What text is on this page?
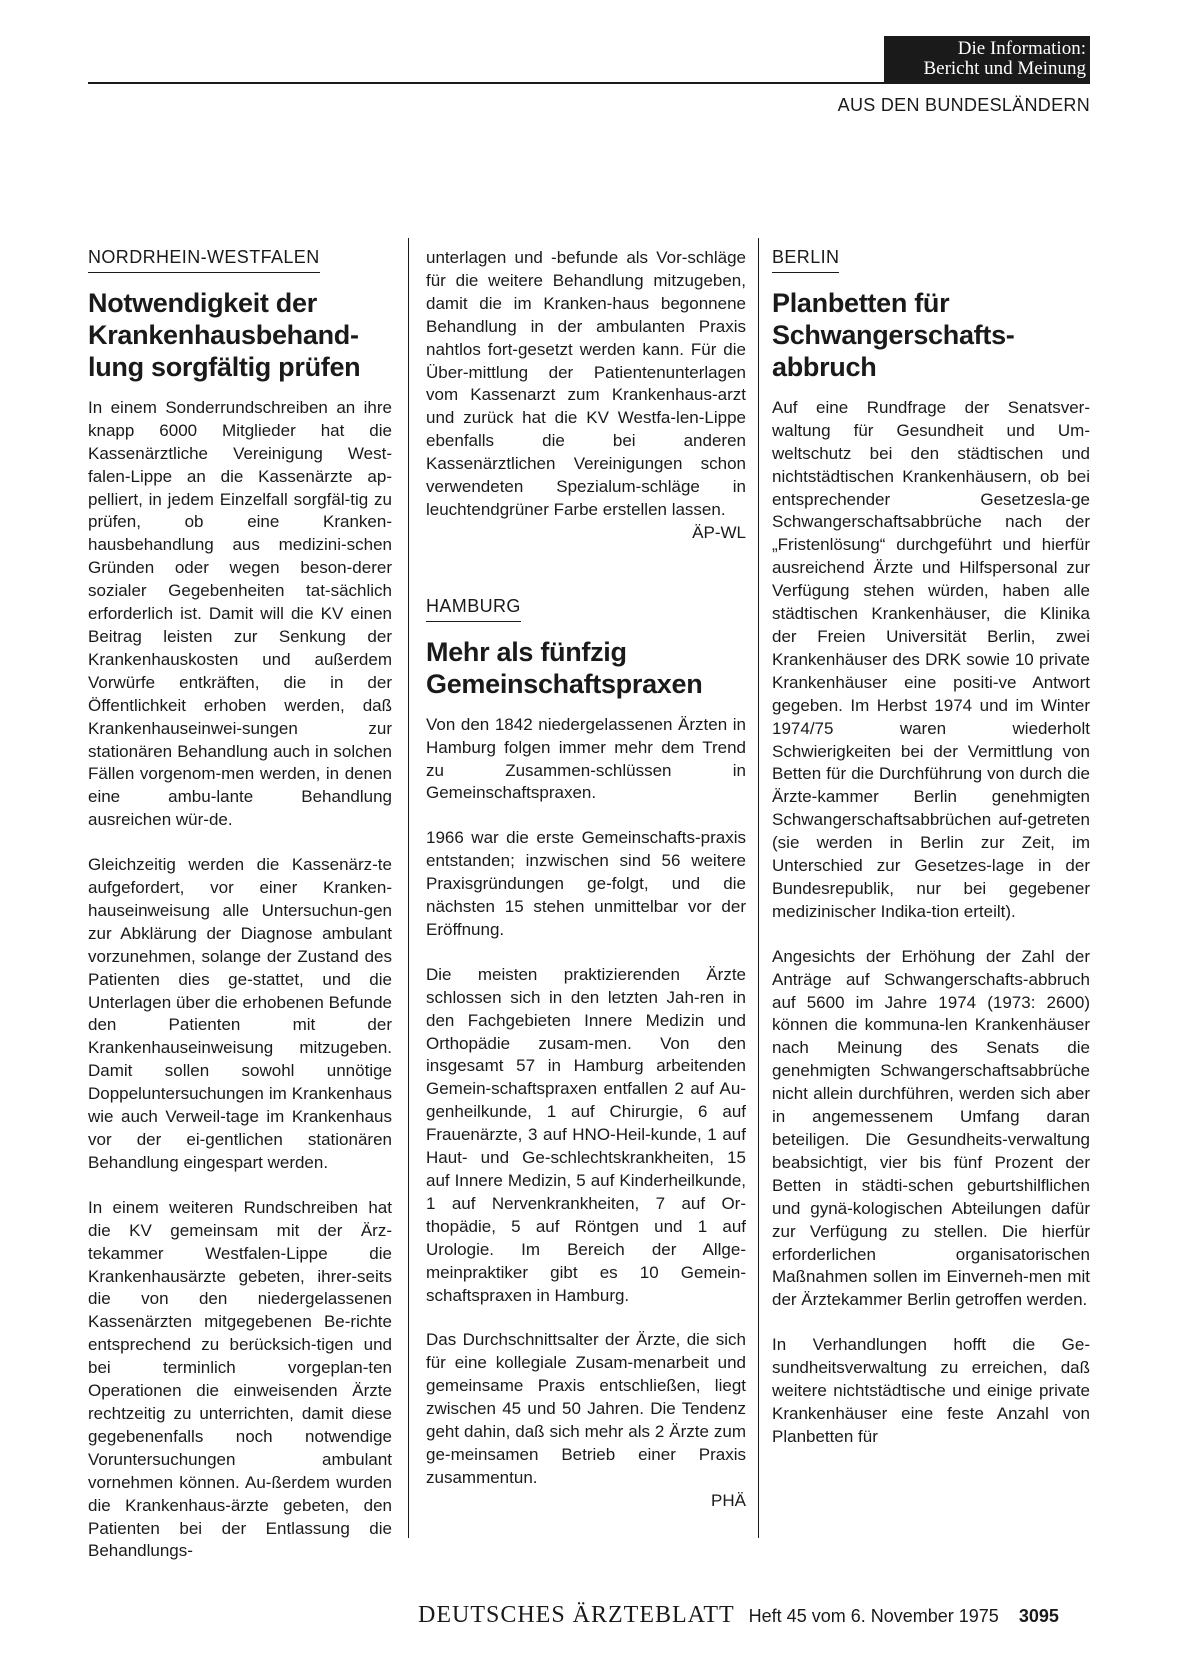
Die Information:
Bericht und Meinung
AUS DEN BUNDESLÄNDERN
NORDRHEIN-WESTFALEN
Notwendigkeit der Krankenhausbehand-lung sorgfältig prüfen

In einem Sonderrundschreiben an ihre knapp 6000 Mitglieder hat die Kassenärztliche Vereinigung West-falen-Lippe an die Kassenärzte ap-pelliert, in jedem Einzelfall sorgfäl-tig zu prüfen, ob eine Kranken-hausbehandlung aus medizini-schen Gründen oder wegen beson-derer sozialer Gegebenheiten tat-sächlich erforderlich ist. Damit will die KV einen Beitrag leisten zur Senkung der Krankenhauskosten und außerdem Vorwürfe entkräften, die in der Öffentlichkeit erhoben werden, daß Krankenhauseinwei-sungen zur stationären Behandlung auch in solchen Fällen vorgenom-men werden, in denen eine ambu-lante Behandlung ausreichen wür-de.

Gleichzeitig werden die Kassenärz-te aufgefordert, vor einer Kranken-hauseinweisung alle Untersuchun-gen zur Abklärung der Diagnose ambulant vorzunehmen, solange der Zustand des Patienten dies ge-stattet, und die Unterlagen über die erhobenen Befunde den Patienten mit der Krankenhauseinweisung mitzugeben. Damit sollen sowohl unnötige Doppeluntersuchungen im Krankenhaus wie auch Verweil-tage im Krankenhaus vor der ei-gentlichen stationären Behandlung eingespart werden.

In einem weiteren Rundschreiben hat die KV gemeinsam mit der Ärz-tekammer Westfalen-Lippe die Krankenhausärzte gebeten, ihrer-seits die von den niedergelassenen Kassenärzten mitgegebenen Be-richte entsprechend zu berücksich-tigen und bei terminlich vorgeplan-ten Operationen die einweisenden Ärzte rechtzeitig zu unterrichten, damit diese gegebenenfalls noch notwendige Voruntersuchungen ambulant vornehmen können. Au-ßerdem wurden die Krankenhaus-ärzte gebeten, den Patienten bei der Entlassung die Behandlungs-

unterlagen und -befunde als Vor-schläge für die weitere Behandlung mitzugeben, damit die im Kranken-haus begonnene Behandlung in der ambulanten Praxis nahtlos fort-gesetzt werden kann. Für die Über-mittlung der Patientenunterlagen vom Kassenarzt zum Krankenhaus-arzt und zurück hat die KV Westfa-len-Lippe ebenfalls die bei anderen Kassenärztlichen Vereinigungen schon verwendeten Spezialum-schläge in leuchtendgrüner Farbe erstellen lassen.

ÄP-WL
HAMBURG
Mehr als fünfzig Gemeinschaftspraxen

Von den 1842 niedergelassenen Ärzten in Hamburg folgen immer mehr dem Trend zu Zusammen-schlüssen in Gemeinschaftspraxen.

1966 war die erste Gemeinschafts-praxis entstanden; inzwischen sind 56 weitere Praxisgründungen ge-folgt, und die nächsten 15 stehen unmittelbar vor der Eröffnung.

Die meisten praktizierenden Ärzte schlossen sich in den letzten Jah-ren in den Fachgebieten Innere Medizin und Orthopädie zusam-men. Von den insgesamt 57 in Hamburg arbeitenden Gemein-schaftspraxen entfallen 2 auf Au-genheilkunde, 1 auf Chirurgie, 6 auf Frauenärzte, 3 auf HNO-Heil-kunde, 1 auf Haut- und Ge-schlechtskrankheiten, 15 auf Innere Medizin, 5 auf Kinderheilkunde, 1 auf Nervenkrankheiten, 7 auf Or-thopädie, 5 auf Röntgen und 1 auf Urologie. Im Bereich der Allge-meinpraktiker gibt es 10 Gemein-schaftspraxen in Hamburg.

Das Durchschnittsalter der Ärzte, die sich für eine kollegiale Zusam-menarbeit und gemeinsame Praxis entschließen, liegt zwischen 45 und 50 Jahren. Die Tendenz geht dahin, daß sich mehr als 2 Ärzte zum ge-meinsamen Betrieb einer Praxis zusammentun.

PHÄ
BERLIN
Planbetten für Schwangerschafts-abbruch

Auf eine Rundfrage der Senatsver-waltung für Gesundheit und Um-weltschutz bei den städtischen und nichtstädtischen Krankenhäusern, ob bei entsprechender Gesetzesla-ge Schwangerschaftsabbrüche nach der „Fristenlösung“ durchgeführt und hierfür ausreichend Ärzte und Hilfspersonal zur Verfügung stehen würden, haben alle städtischen Krankenhäuser, die Klinika der Freien Universität Berlin, zwei Krankenhäuser des DRK sowie 10 private Krankenhäuser eine positi-ve Antwort gegeben. Im Herbst 1974 und im Winter 1974/75 waren wiederholt Schwierigkeiten bei der Vermittlung von Betten für die Durchführung von durch die Ärzte-kammer Berlin genehmigten Schwangerschaftsabbrüchen auf-getreten (sie werden in Berlin zur Zeit, im Unterschied zur Gesetzes-lage in der Bundesrepublik, nur bei gegebener medizinischer Indika-tion erteilt).

Angesichts der Erhöhung der Zahl der Anträge auf Schwangerschafts-abbruch auf 5600 im Jahre 1974 (1973: 2600) können die kommuna-len Krankenhäuser nach Meinung des Senats die genehmigten Schwangerschaftsabbrüche nicht allein durchführen, werden sich aber in angemessenem Umfang daran beteiligen. Die Gesundheits-verwaltung beabsichtigt, vier bis fünf Prozent der Betten in städti-schen geburtshilflichen und gynä-kologischen Abteilungen dafür zur Verfügung zu stellen. Die hierfür erforderlichen organisatorischen Maßnahmen sollen im Einverneh-men mit der Ärztekammer Berlin getroffen werden.

In Verhandlungen hofft die Ge-sundheitsverwaltung zu erreichen, daß weitere nichtstädtische und einige private Krankenhäuser eine feste Anzahl von Planbetten für

DEUTSCHES ÄRZTEBLATT Heft 45 vom 6. November 1975 3095
